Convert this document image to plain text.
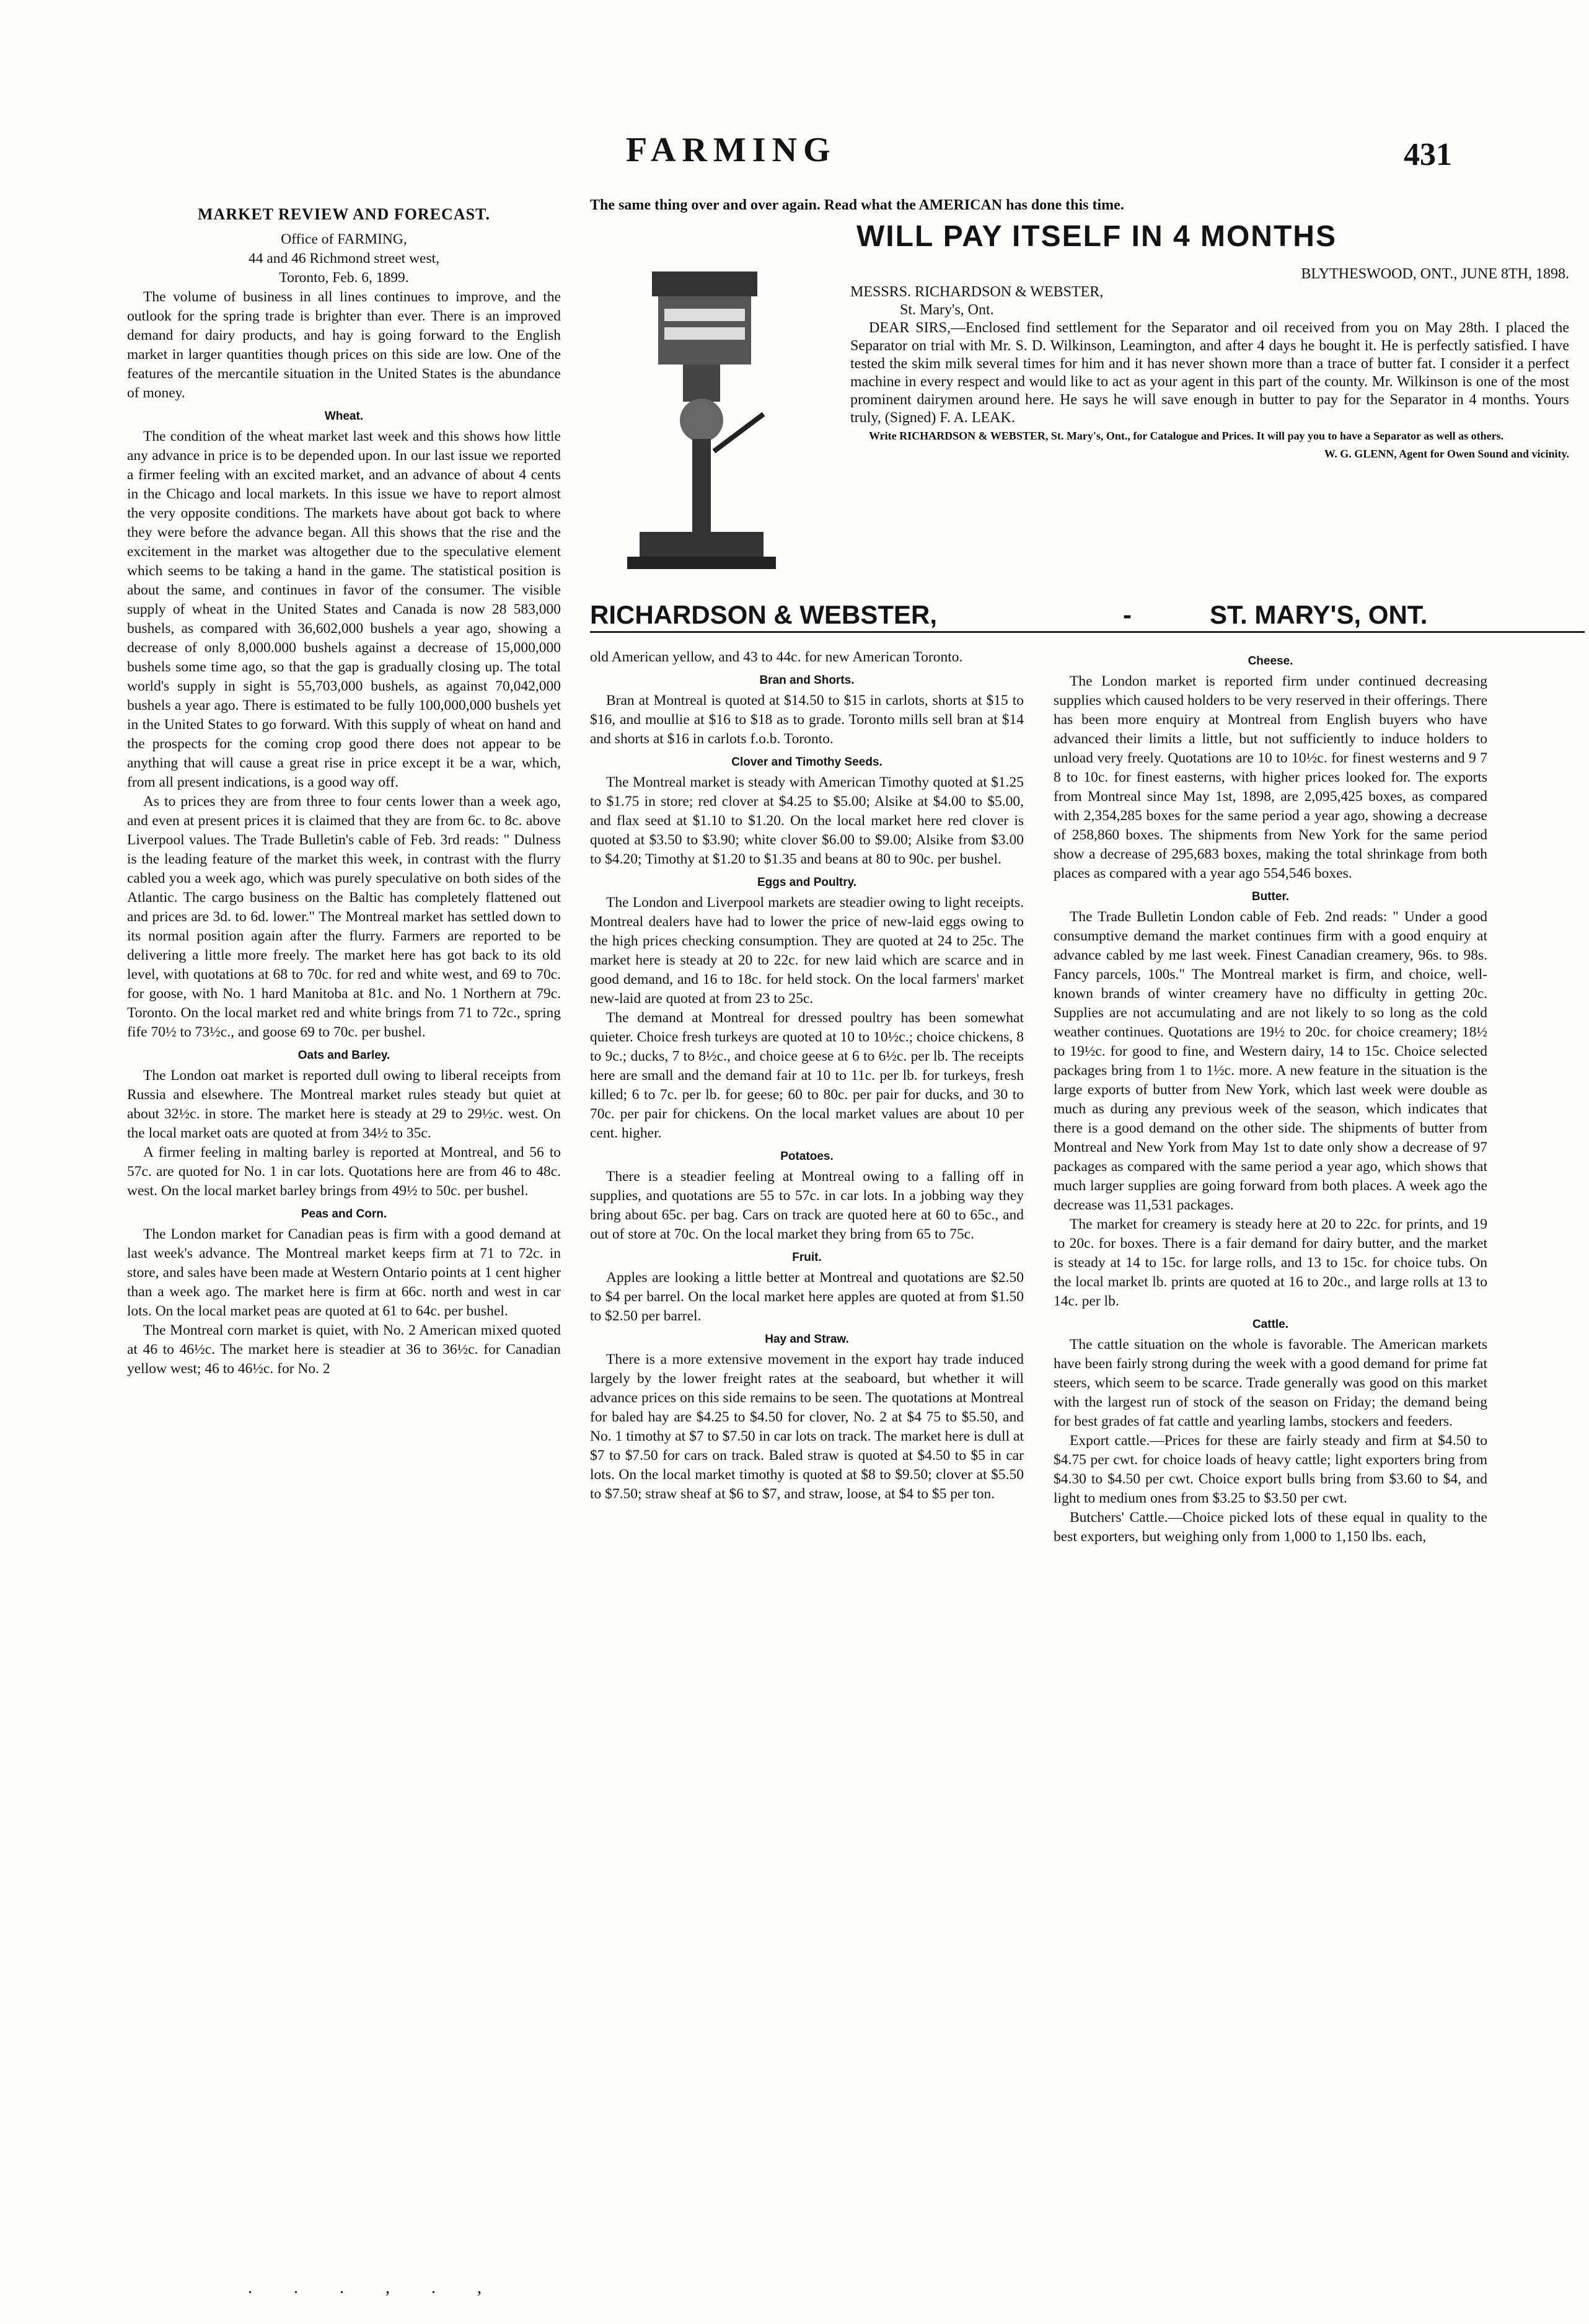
FARMING	431
MARKET REVIEW AND FORECAST.
Office of FARMING,
44 and 46 Richmond street west,
Toronto, Feb. 6, 1899.

The volume of business in all lines continues to improve, and the outlook for the spring trade is brighter than ever. There is an improved demand for dairy products, and hay is going forward to the English market in larger quantities though prices on this side are low. One of the features of the mercantile situation in the United States is the abundance of money.

Wheat.

The condition of the wheat market last week and this shows how little any advance in price is to be depended upon. In our last issue we reported a firmer feeling with an excited market, and an advance of about 4 cents in the Chicago and local markets. In this issue we have to report almost the very opposite conditions. The markets have about got back to where they were before the advance began. All this shows that the rise and the excitement in the market was altogether due to the speculative element which seems to be taking a hand in the game. The statistical position is about the same, and continues in favor of the consumer. The visible supply of wheat in the United States and Canada is now 28 583,000 bushels, as compared with 36,602,000 bushels a year ago, showing a decrease of only 8,000.000 bushels against a decrease of 15,000,000 bushels some time ago, so that the gap is gradually closing up. The total world's supply in sight is 55,703,000 bushels, as against 70,042,000 bushels a year ago. There is estimated to be fully 100,000,000 bushels yet in the United States to go forward. With this supply of wheat on hand and the prospects for the coming crop good there does not appear to be anything that will cause a great rise in price except it be a war, which, from all present indications, is a good way off.

As to prices they are from three to four cents lower than a week ago, and even at present prices it is claimed that they are from 6c. to 8c. above Liverpool values. The Trade Bulletin's cable of Feb. 3rd reads: " Dulness is the leading feature of the market this week, in contrast with the flurry cabled you a week ago, which was purely speculative on both sides of the Atlantic. The cargo business on the Baltic has completely flattened out and prices are 3d. to 6d. lower." The Montreal market has settled down to its normal position again after the flurry. Farmers are reported to be delivering a little more freely. The market here has got back to its old level, with quotations at 68 to 70c. for red and white west, and 69 to 70c. for goose, with No. 1 hard Manitoba at 81c. and No. 1 Northern at 79c. Toronto. On the local market red and white brings from 71 to 72c., spring fife 70½ to 73½c., and goose 69 to 70c. per bushel.

Oats and Barley.

The London oat market is reported dull owing to liberal receipts from Russia and elsewhere. The Montreal market rules steady but quiet at about 32½c. in store. The market here is steady at 29 to 29½c. west. On the local market oats are quoted at from 34½ to 35c.

A firmer feeling in malting barley is reported at Montreal, and 56 to 57c. are quoted for No. 1 in car lots. Quotations here are from 46 to 48c. west. On the local market barley brings from 49½ to 50c. per bushel.

Peas and Corn.

The London market for Canadian peas is firm with a good demand at last week's advance. The Montreal market keeps firm at 71 to 72c. in store, and sales have been made at Western Ontario points at 1 cent higher than a week ago. The market here is firm at 66c. north and west in car lots. On the local market peas are quoted at 61 to 64c. per bushel.

The Montreal corn market is quiet, with No. 2 American mixed quoted at 46 to 46½c. The market here is steadier at 36 to 36½c. for Canadian yellow west; 46 to 46½c. for No. 2

The same thing over and over again. Read what the AMERICAN has done this time.
WILL PAY ITSELF IN 4 MONTHS

BLYTHESWOOD, ONT., JUNE 8TH, 1898.

MESSRS. RICHARDSON & WEBSTER,

St. Mary's, Ont.

DEAR SIRS,—Enclosed find settlement for the Separator and oil received from you on May 28th. I placed the Separator on trial with Mr. S. D. Wilkinson, Leamington, and after 4 days he bought it. He is perfectly satisfied. I have tested the skim milk several times for him and it has never shown more than a trace of butter fat. I consider it a perfect machine in every respect and would like to act as your agent in this part of the county. Mr. Wilkinson is one of the most prominent dairymen around here. He says he will save enough in butter to pay for the Separator in 4 months. Yours truly, (Signed) F. A. LEAK.

Write RICHARDSON & WEBSTER, St. Mary's, Ont., for Catalogue and Prices. It will pay you to have a Separator as well as others.

W. G. GLENN, Agent for Owen Sound and vicinity.

RICHARDSON & WEBSTER,	-	ST. MARY'S, ONT.

old American yellow, and 43 to 44c. for new American Toronto.

Bran and Shorts.

Bran at Montreal is quoted at $14.50 to $15 in carlots, shorts at $15 to $16, and moullie at $16 to $18 as to grade. Toronto mills sell bran at $14 and shorts at $16 in carlots f.o.b. Toronto.

Clover and Timothy Seeds.

The Montreal market is steady with American Timothy quoted at $1.25 to $1.75 in store; red clover at $4.25 to $5.00; Alsike at $4.00 to $5.00, and flax seed at $1.10 to $1.20. On the local market here red clover is quoted at $3.50 to $3.90; white clover $6.00 to $9.00; Alsike from $3.00 to $4.20; Timothy at $1.20 to $1.35 and beans at 80 to 90c. per bushel.

Eggs and Poultry.

The London and Liverpool markets are steadier owing to light receipts. Montreal dealers have had to lower the price of new-laid eggs owing to the high prices checking consumption. They are quoted at 24 to 25c. The market here is steady at 20 to 22c. for new laid which are scarce and in good demand, and 16 to 18c. for held stock. On the local farmers' market new-laid are quoted at from 23 to 25c.

The demand at Montreal for dressed poultry has been somewhat quieter. Choice fresh turkeys are quoted at 10 to 10½c.; choice chickens, 8 to 9c.; ducks, 7 to 8½c., and choice geese at 6 to 6½c. per lb. The receipts here are small and the demand fair at 10 to 11c. per lb. for turkeys, fresh killed; 6 to 7c. per lb. for geese; 60 to 80c. per pair for ducks, and 30 to 70c. per pair for chickens. On the local market values are about 10 per cent. higher.

Potatoes.

There is a steadier feeling at Montreal owing to a falling off in supplies, and quotations are 55 to 57c. in car lots. In a jobbing way they bring about 65c. per bag. Cars on track are quoted here at 60 to 65c., and out of store at 70c. On the local market they bring from 65 to 75c.

Fruit.

Apples are looking a little better at Montreal and quotations are $2.50 to $4 per barrel. On the local market here apples are quoted at from $1.50 to $2.50 per barrel.

Hay and Straw.

There is a more extensive movement in the export hay trade induced largely by the lower freight rates at the seaboard, but whether it will advance prices on this side remains to be seen. The quotations at Montreal for baled hay are $4.25 to $4.50 for clover, No. 2 at $4 75 to $5.50, and No. 1 timothy at $7 to $7.50 in car lots on track. The market here is dull at $7 to $7.50 for cars on track. Baled straw is quoted at $4.50 to $5 in car lots. On the local market timothy is quoted at $8 to $9.50; clover at $5.50 to $7.50; straw sheaf at $6 to $7, and straw, loose, at $4 to $5 per ton.

Cheese.

The London market is reported firm under continued decreasing supplies which caused holders to be very reserved in their offerings. There has been more enquiry at Montreal from English buyers who have advanced their limits a little, but not sufficiently to induce holders to unload very freely. Quotations are 10 to 10½c. for finest westerns and 9 7 8 to 10c. for finest easterns, with higher prices looked for. The exports from Montreal since May 1st, 1898, are 2,095,425 boxes, as compared with 2,354,285 boxes for the same period a year ago, showing a decrease of 258,860 boxes. The shipments from New York for the same period show a decrease of 295,683 boxes, making the total shrinkage from both places as compared with a year ago 554,546 boxes.

Butter.

The Trade Bulletin London cable of Feb. 2nd reads: " Under a good consumptive demand the market continues firm with a good enquiry at advance cabled by me last week. Finest Canadian creamery, 96s. to 98s. Fancy parcels, 100s." The Montreal market is firm, and choice, well-known brands of winter creamery have no difficulty in getting 20c. Supplies are not accumulating and are not likely to so long as the cold weather continues. Quotations are 19½ to 20c. for choice creamery; 18½ to 19½c. for good to fine, and Western dairy, 14 to 15c. Choice selected packages bring from 1 to 1½c. more. A new feature in the situation is the large exports of butter from New York, which last week were double as much as during any previous week of the season, which indicates that there is a good demand on the other side. The shipments of butter from Montreal and New York from May 1st to date only show a decrease of 97 packages as compared with the same period a year ago, which shows that much larger supplies are going forward from both places. A week ago the decrease was 11,531 packages.

The market for creamery is steady here at 20 to 22c. for prints, and 19 to 20c. for boxes. There is a fair demand for dairy butter, and the market is steady at 14 to 15c. for large rolls, and 13 to 15c. for choice tubs. On the local market lb. prints are quoted at 16 to 20c., and large rolls at 13 to 14c. per lb.

Cattle.

The cattle situation on the whole is favorable. The American markets have been fairly strong during the week with a good demand for prime fat steers, which seem to be scarce. Trade generally was good on this market with the largest run of stock of the season on Friday; the demand being for best grades of fat cattle and yearling lambs, stockers and feeders.

Export cattle.—Prices for these are fairly steady and firm at $4.50 to $4.75 per cwt. for choice loads of heavy cattle; light exporters bring from $4.30 to $4.50 per cwt. Choice export bulls bring from $3.60 to $4, and light to medium ones from $3.25 to $3.50 per cwt.

Butchers' Cattle.—Choice picked lots of these equal in quality to the best exporters, but weighing only from 1,000 to 1,150 lbs. each,

. . . , . ,
